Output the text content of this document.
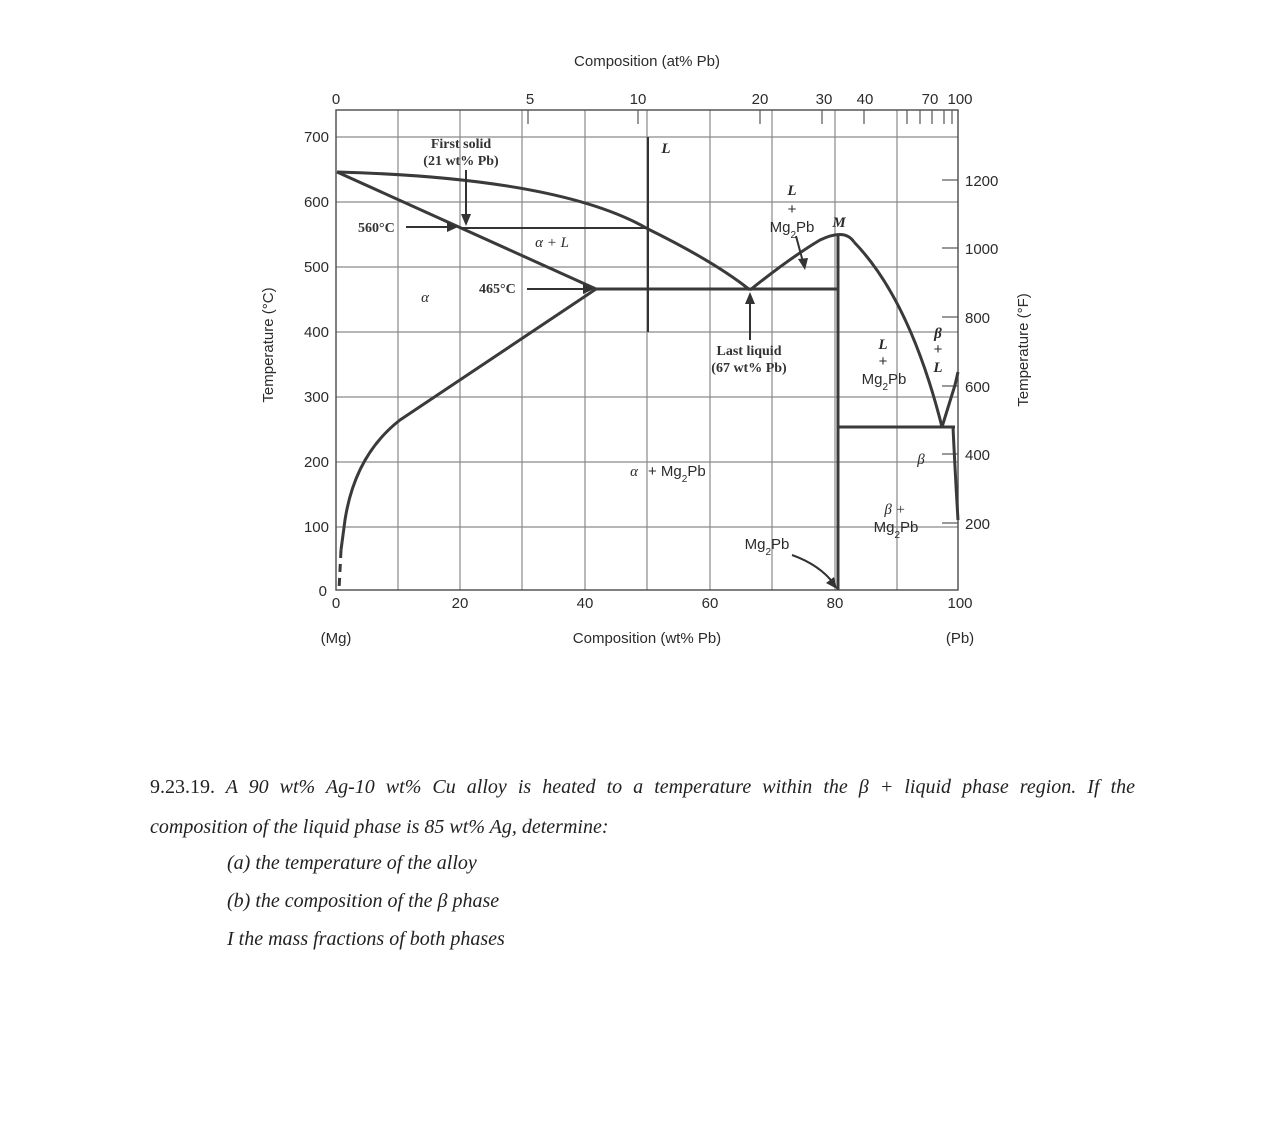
Composition (at% Pb)
Composition (wt% Pb)
Temperature (°C)	Temperature (°F)
0	5	10	20	30 40	70 100
0	20	40	60	80	100
(Mg)	(Pb)
700
600
500
400
300
200
100
0
1200
1000
800
600
400
200
First solid
(21 wt% Pb)
560°C
465°C
α
α + L
L
L
+
$Mg_2Pb$ M
Last liquid
(67 wt% Pb)
L
+
$Mg_2Pb$
β
+
L
β
$\alpha + Mg_2Pb$
β +
$Mg_2Pb$
$Mg_2Pb$
9.23.19. A 90 wt% Ag-10 wt% Cu alloy is heated to a temperature within the β + liquid phase region. If the
composition of the liquid phase is 85 wt% Ag, determine:
(a) the temperature of the alloy
(b) the composition of the β phase
I the mass fractions of both phases
